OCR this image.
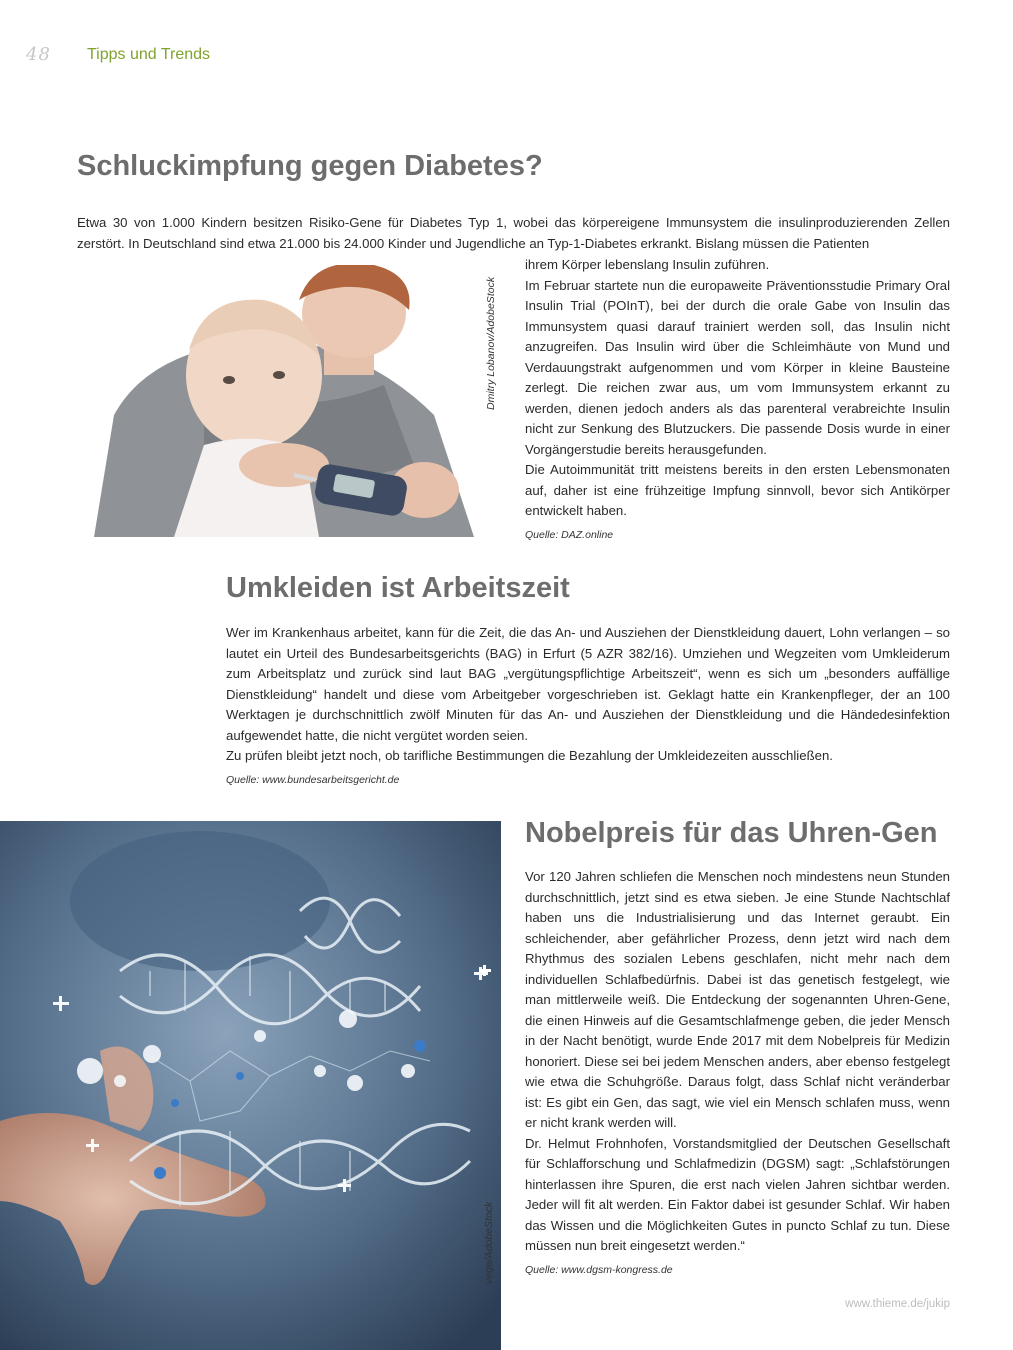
48 Tipps und Trends
Schluckimpfung gegen Diabetes?

Etwa 30 von 1.000 Kindern besitzen Risiko-Gene für Diabetes Typ 1, wobei das körpereigene Immunsystem die insulinproduzierenden Zellen zerstört. In Deutschland sind etwa 21.000 bis 24.000 Kinder und Jugendliche an Typ-1-Diabetes erkrankt. Bislang müssen die Patienten

Dmitry Lobanov/AdobeStock

ihrem Körper lebenslang Insulin zuführen.

Im Februar startete nun die europaweite Präventionsstudie Primary Oral Insulin Trial (POInT), bei der durch die orale Gabe von Insulin das Immunsystem quasi darauf trainiert werden soll, das Insulin nicht anzugreifen. Das Insulin wird über die Schleimhäute von Mund und Verdauungstrakt aufgenommen und vom Körper in kleine Bausteine zerlegt. Die reichen zwar aus, um vom Immunsystem erkannt zu werden, dienen jedoch anders als das parenteral verabreichte Insulin nicht zur Senkung des Blutzuckers. Die passende Dosis wurde in einer Vorgängerstudie bereits herausgefunden.

Die Autoimmunität tritt meistens bereits in den ersten Lebensmonaten auf, daher ist eine frühzeitige Impfung sinnvoll, bevor sich Antikörper entwickelt haben.

Quelle: DAZ.online
Umkleiden ist Arbeitszeit

Wer im Krankenhaus arbeitet, kann für die Zeit, die das An- und Ausziehen der Dienstkleidung dauert, Lohn verlangen – so lautet ein Urteil des Bundesarbeitsgerichts (BAG) in Erfurt (5 AZR 382/16). Umziehen und Wegzeiten vom Umkleiderum zum Arbeitsplatz und zurück sind laut BAG „vergütungspflichtige Arbeitszeit“, wenn es sich um „besonders auffällige Dienstkleidung“ handelt und diese vom Arbeitgeber vorgeschrieben ist. Geklagt hatte ein Krankenpfleger, der an 100 Werktagen je durchschnittlich zwölf Minuten für das An- und Ausziehen der Dienstkleidung und die Händedesinfektion aufgewendet hatte, die nicht vergütet worden seien.

Zu prüfen bleibt jetzt noch, ob tarifliche Bestimmungen die Bezahlung der Umkleidezeiten ausschließen.

Quelle: www.bundesarbeitsgericht.de
vege/AdobeStock
Nobelpreis für das Uhren-Gen

Vor 120 Jahren schliefen die Menschen noch mindestens neun Stunden durchschnittlich, jetzt sind es etwa sieben. Je eine Stunde Nachtschlaf haben uns die Industrialisierung und das Internet geraubt. Ein schleichender, aber gefährlicher Prozess, denn jetzt wird nach dem Rhythmus des sozialen Lebens geschlafen, nicht mehr nach dem individuellen Schlafbedürfnis. Dabei ist das genetisch festgelegt, wie man mittlerweile weiß. Die Entdeckung der sogenannten Uhren-Gene, die einen Hinweis auf die Gesamtschlafmenge geben, die jeder Mensch in der Nacht benötigt, wurde Ende 2017 mit dem Nobelpreis für Medizin honoriert. Diese sei bei jedem Menschen anders, aber ebenso festgelegt wie etwa die Schuhgröße. Daraus folgt, dass Schlaf nicht veränderbar ist: Es gibt ein Gen, das sagt, wie viel ein Mensch schlafen muss, wenn er nicht krank werden will.

Dr. Helmut Frohnhofen, Vorstandsmitglied der Deutschen Gesellschaft für Schlafforschung und Schlafmedizin (DGSM) sagt: „Schlafstörungen hinterlassen ihre Spuren, die erst nach vielen Jahren sichtbar werden. Jeder will fit alt werden. Ein Faktor dabei ist gesunder Schlaf. Wir haben das Wissen und die Möglichkeiten Gutes in puncto Schlaf zu tun. Diese müssen nun breit eingesetzt werden.“

Quelle: www.dgsm-kongress.de
www.thieme.de/jukip
